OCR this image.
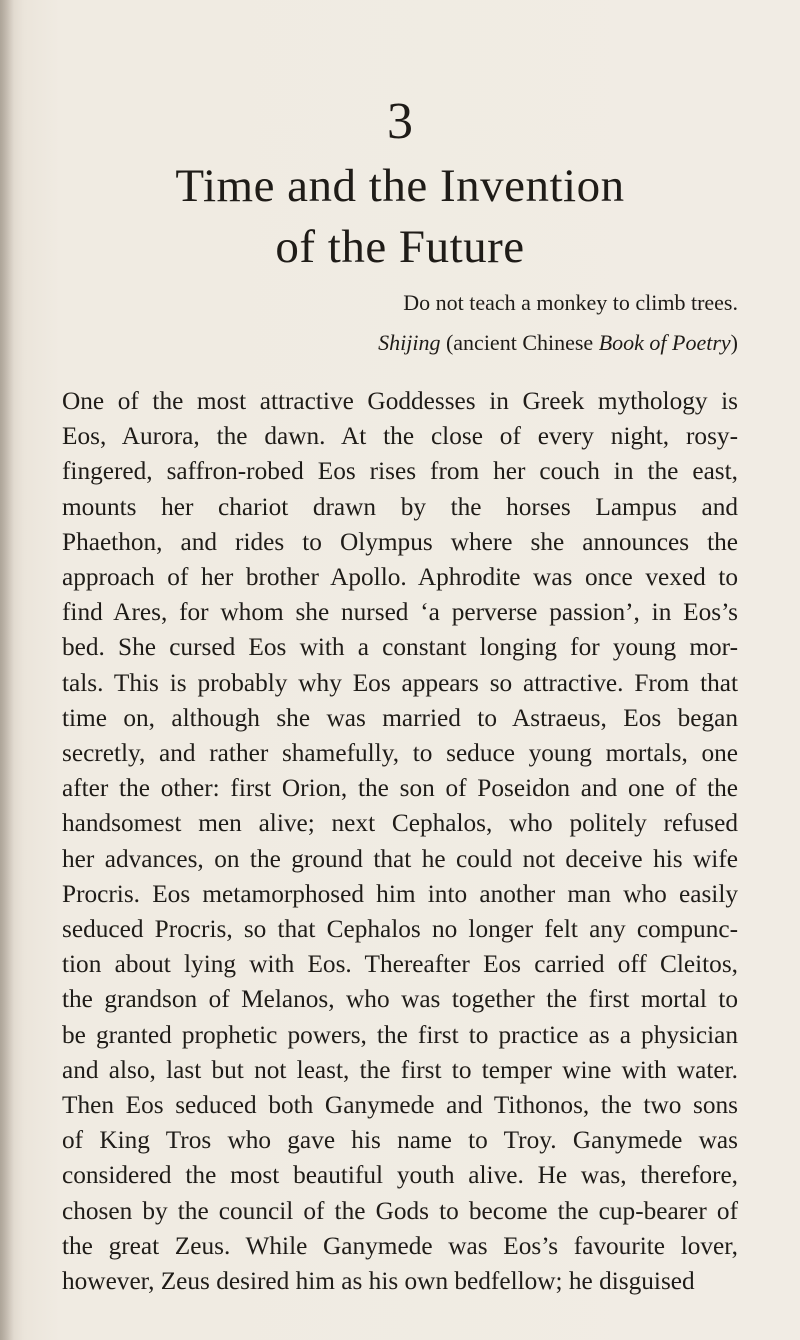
3
Time and the Invention
of the Future
Do not teach a monkey to climb trees.
Shijing (ancient Chinese Book of Poetry)
One of the most attractive Goddesses in Greek mythology is
Eos, Aurora, the dawn. At the close of every night, rosy-
fingered, saffron-robed Eos rises from her couch in the east,
mounts her chariot drawn by the horses Lampus and
Phaethon, and rides to Olympus where she announces the
approach of her brother Apollo. Aphrodite was once vexed to
find Ares, for whom she nursed ‘a perverse passion’, in Eos’s
bed. She cursed Eos with a constant longing for young mor-
tals. This is probably why Eos appears so attractive. From that
time on, although she was married to Astraeus, Eos began
secretly, and rather shamefully, to seduce young mortals, one
after the other: first Orion, the son of Poseidon and one of the
handsomest men alive; next Cephalos, who politely refused
her advances, on the ground that he could not deceive his wife
Procris. Eos metamorphosed him into another man who easily
seduced Procris, so that Cephalos no longer felt any compunc-
tion about lying with Eos. Thereafter Eos carried off Cleitos,
the grandson of Melanos, who was together the first mortal to
be granted prophetic powers, the first to practice as a physician
and also, last but not least, the first to temper wine with water.
Then Eos seduced both Ganymede and Tithonos, the two sons
of King Tros who gave his name to Troy. Ganymede was
considered the most beautiful youth alive. He was, therefore,
chosen by the council of the Gods to become the cup-bearer of
the great Zeus. While Ganymede was Eos’s favourite lover,
however, Zeus desired him as his own bedfellow; he disguised
